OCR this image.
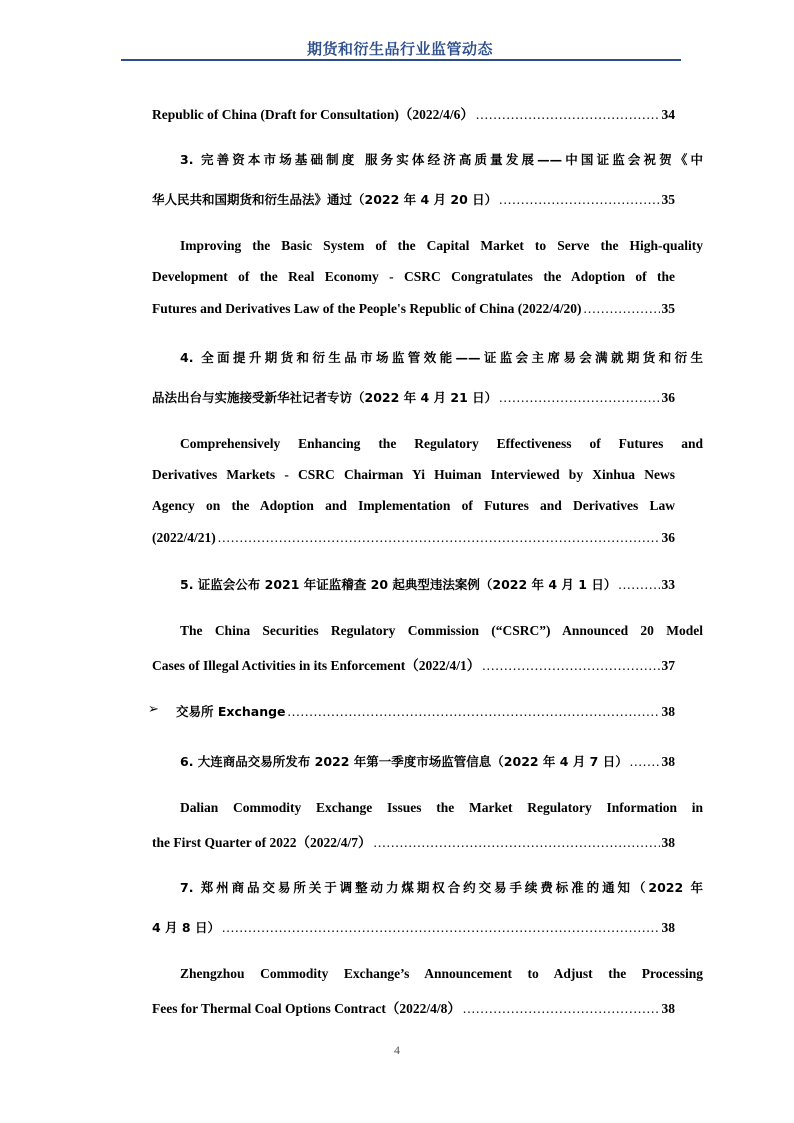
期货和衍生品行业监管动态
Republic of China (Draft for Consultation)（2022/4/6） .....	34
3. 完善资本市场基础制度 服务实体经济高质量发展——中国证监会祝贺《中
华人民共和国期货和衍生品法》通过（2022 年 4 月 20 日） .....	35
Improving the Basic System of the Capital Market to Serve the High-quality
Development of the Real Economy - CSRC Congratulates the Adoption of the
Futures and Derivatives Law of the People's Republic of China (2022/4/20) .....	35
4. 全面提升期货和衍生品市场监管效能——证监会主席易会满就期货和衍生
品法出台与实施接受新华社记者专访（2022 年 4 月 21 日） .....	36
Comprehensively Enhancing the Regulatory Effectiveness of Futures and
Derivatives Markets - CSRC Chairman Yi Huiman Interviewed by Xinhua News
Agency on the Adoption and Implementation of Futures and Derivatives Law
(2022/4/21) .....	36
5. 证监会公布 2021 年证监稽查 20 起典型违法案例（2022 年 4 月 1 日） .....	33
The China Securities Regulatory Commission (“CSRC”) Announced 20 Model
Cases of Illegal Activities in its Enforcement（2022/4/1） .....	37
➢ 交易所 Exchange .....	38
6. 大连商品交易所发布 2022 年第一季度市场监管信息（2022 年 4 月 7 日） .....	38
Dalian Commodity Exchange Issues the Market Regulatory Information in
the First Quarter of 2022（2022/4/7） .....	38
7. 郑州商品交易所关于调整动力煤期权合约交易手续费标准的通知（2022 年
4 月 8 日） .....	38
Zhengzhou Commodity Exchange’s Announcement to Adjust the Processing
Fees for Thermal Coal Options Contract（2022/4/8） .....	38
4
